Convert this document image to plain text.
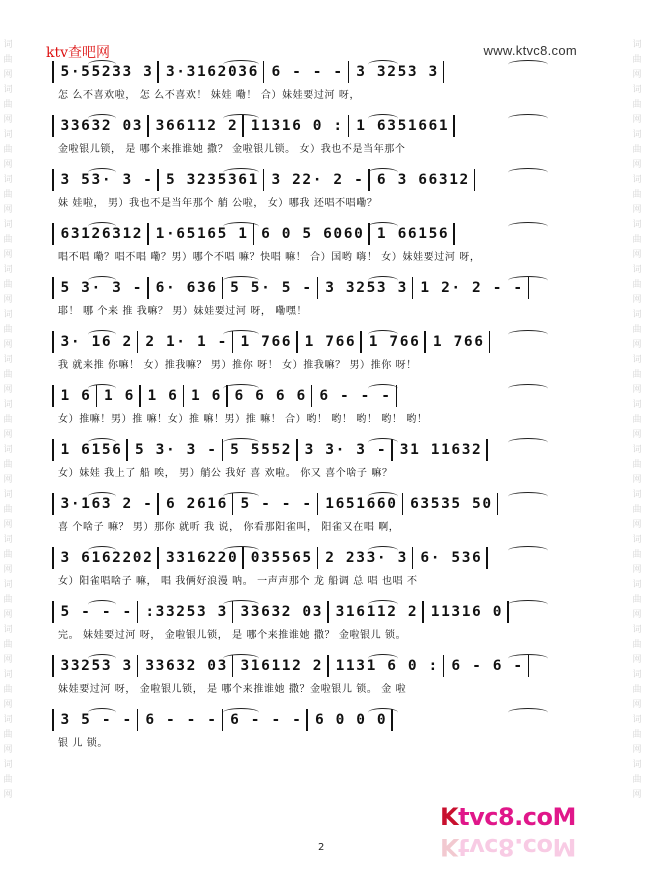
词
曲
网
词
曲
网
词
曲
网
词
曲
网
词
曲
网
词
曲
网
词
曲
网
词
曲
网
词
曲
网
词
曲
网
词
曲
网
词
曲
网
词
曲
网
词
曲
网
词
曲
网
词
曲
网
词
曲
网
词
曲
网
词
曲
网
词
曲
网
词
曲
网
词
曲
网
词
曲
网
词
曲
网
词
曲
网
词
曲
网
词
曲
网
词
曲
网
词
曲
网
词
曲
网
词
曲
网
词
曲
网
词
曲
网
词
曲
网
ktv查吧网	www.ktvc8.com
5·55233 3 3·3162036 6 - - - 3 3253 3
怎 么不喜欢啦， 怎 么不喜欢！ 妹娃 嘞！ 合）妹娃要过河 呀，
33632 03 366112 2 11316 0 : 1 6351661
金啦银儿锁， 是 哪个来推谁她 撒？ 金啦银儿锁。 女）我也不是当年那个
3 53· 3 - 5 3235361 3 22· 2 - 6 3 66312
妹 娃啦， 男）我也不是当年那个 艄 公啦， 女）哪我 还唱不唱嘞？
63126312 1·65165 1 6 0 5 6060 1 66156
唱不唱 嘞？唱不唱 嘞？男）哪个不唱 嘛？快唱 嘛！ 合）国哟 嗨！ 女）妹娃要过河 呀，
5 3· 3 - 6· 636 5 5· 5 - 3 3253 3 1 2· 2 - -
耶！ 哪 个来 推 我嘛？ 男）妹娃要过河 呀， 嘞嘿！
3· 16 2 2 1· 1 - 1 766 1 766 1 766 1 766
我 就来推 你嘛！ 女）推我嘛？ 男）推你 呀！ 女）推我嘛？ 男）推你 呀！
1 6 1 6 1 6 1 6 6 6 6 6 6 - - -
女）推嘛！男）推 嘛！女）推 嘛！男）推 嘛！ 合）哟！ 哟！ 哟！ 哟！ 哟！
1 6156 5 3· 3 - 5 5552 3 3· 3 - 31 11632
女）妹娃 我上了 船 唉， 男）艄公 我好 喜 欢啦。 你又 喜个啥子 嘛？
3·163 2 - 6 2616 5 - - - 1651660 63535 50
喜 个啥子 嘛？ 男）那你 就听 我 说， 你看那阳雀叫， 阳雀又在唱 啊，
3 6162202 3316220 035565 2 233· 3 6· 536
女）阳雀唱啥子 嘛， 唱 我俩好浪漫 呐。 一声声那个 龙 船调 总 唱 也唱 不
5 - - - :33253 3 33632 03 316112 2 11316 0
完。 妹娃要过河 呀， 金啦银儿锁， 是 哪个来推谁她 撒？ 金啦银儿 锁。
33253 3 33632 03 316112 2 1131 6 0 : 6 - 6 -
妹娃要过河 呀， 金啦银儿锁， 是 哪个来推谁她 撒？金啦银儿 锁。 金 啦
3 5 - - 6 - - - 6 - - - 6 0 0 0
银 儿 锁。
2
Ktvc8.coM
Ktvc8.coM
